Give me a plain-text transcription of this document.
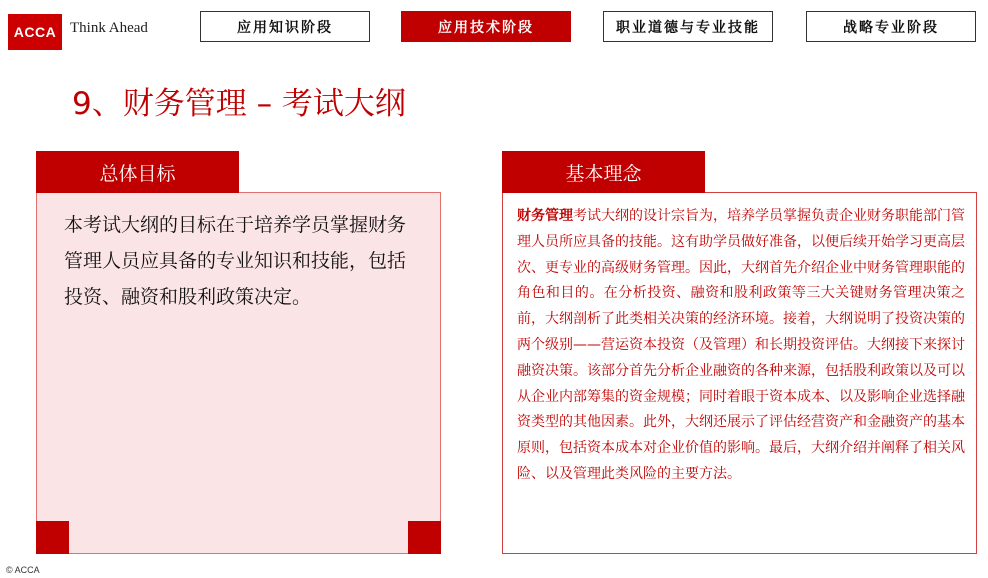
ACCA Think Ahead	应用知识阶段	应用技术阶段	职业道德与专业技能	战略专业阶段
9、财务管理 – 考试大纲
总体目标
本考试大纲的目标在于培养学员掌握财务管理人员应具备的专业知识和技能，包括投资、融资和股利政策决定。
基本理念
财务管理考试大纲的设计宗旨为，培养学员掌握负责企业财务职能部门管理人员所应具备的技能。这有助学员做好准备，以便后续开始学习更高层次、更专业的高级财务管理。因此，大纲首先介绍企业中财务管理职能的角色和目的。在分析投资、融资和股利政策等三大关键财务管理决策之前，大纲剖析了此类相关决策的经济环境。接着，大纲说明了投资决策的两个级别——营运资本投资（及管理）和长期投资评估。大纲接下来探讨融资决策。该部分首先分析企业融资的各种来源，包括股利政策以及可以从企业内部筹集的资金规模；同时着眼于资本成本、以及影响企业选择融资类型的其他因素。此外，大纲还展示了评估经营资产和金融资产的基本原则，包括资本成本对企业价值的影响。最后，大纲介绍并阐释了相关风险、以及管理此类风险的主要方法。
© ACCA
